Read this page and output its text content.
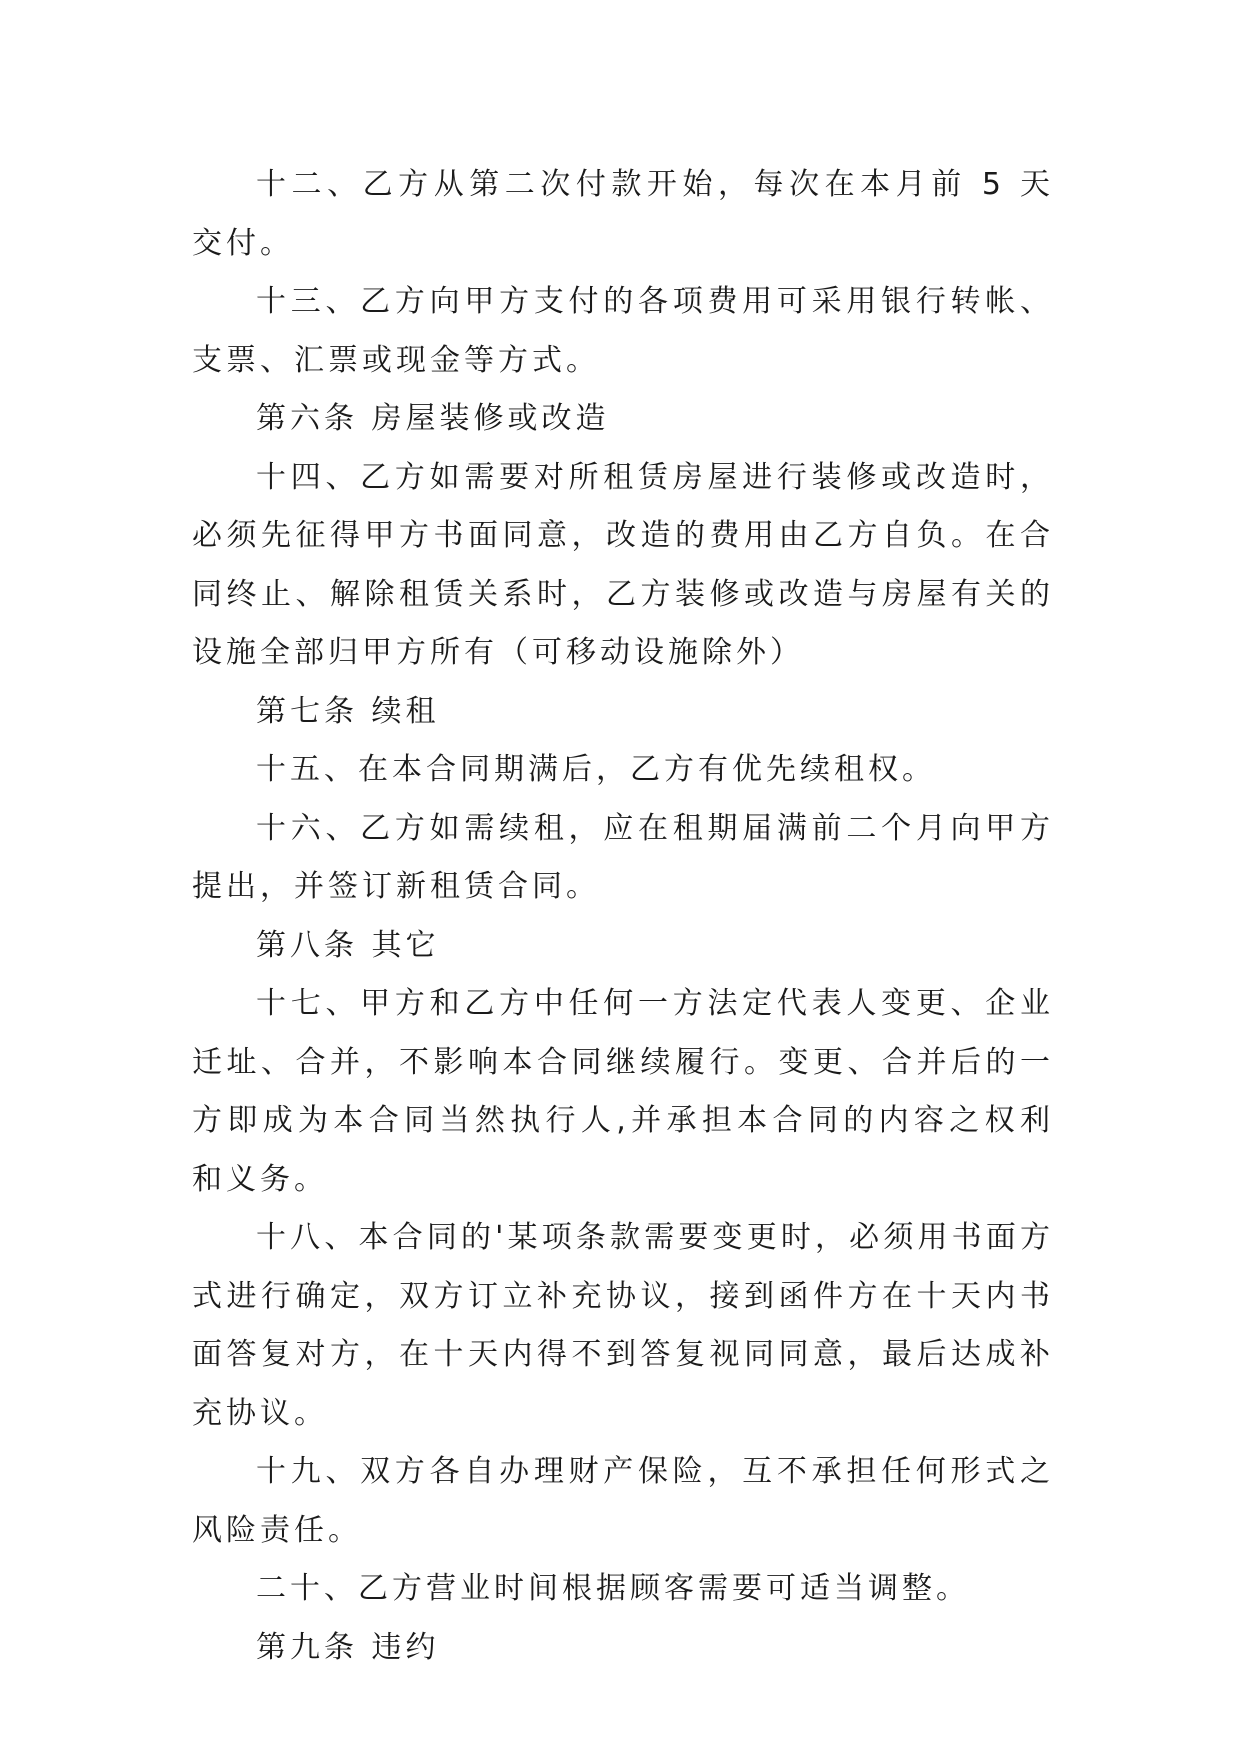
十二、乙方从第二次付款开始，每次在本月前 5 天交付。

十三、乙方向甲方支付的各项费用可采用银行转帐、支票、汇票或现金等方式。

第六条 房屋装修或改造

十四、乙方如需要对所租赁房屋进行装修或改造时，必须先征得甲方书面同意，改造的费用由乙方自负。在合同终止、解除租赁关系时，乙方装修或改造与房屋有关的设施全部归甲方所有（可移动设施除外）

第七条 续租

十五、在本合同期满后，乙方有优先续租权。

十六、乙方如需续租，应在租期届满前二个月向甲方提出，并签订新租赁合同。

第八条 其它

十七、甲方和乙方中任何一方法定代表人变更、企业迁址、合并，不影响本合同继续履行。变更、合并后的一方即成为本合同当然执行人,并承担本合同的内容之权利和义务。

十八、本合同的'某项条款需要变更时，必须用书面方式进行确定，双方订立补充协议，接到函件方在十天内书面答复对方，在十天内得不到答复视同同意，最后达成补充协议。

十九、双方各自办理财产保险，互不承担任何形式之风险责任。

二十、乙方营业时间根据顾客需要可适当调整。

第九条 违约
